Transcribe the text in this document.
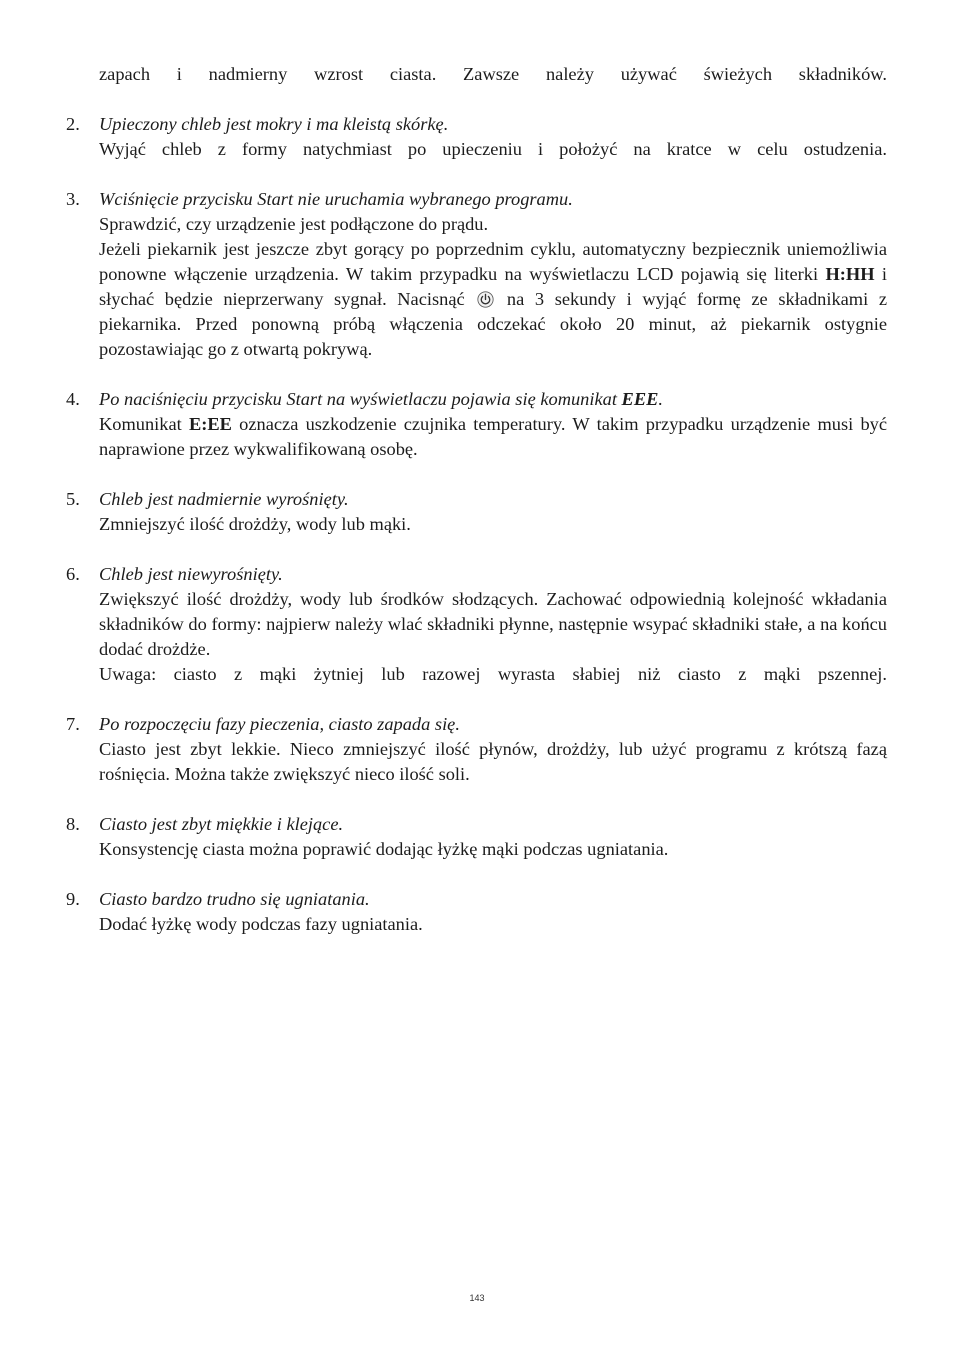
zapach i nadmierny wzrost ciasta. Zawsze należy używać świeżych składników.

2.	Upieczony chleb jest mokry i ma kleistą skórkę.

Wyjąć chleb z formy natychmiast po upieczeniu i położyć na kratce w celu ostudzenia.

3.	Wciśnięcie przycisku Start nie uruchamia wybranego programu.

Sprawdzić, czy urządzenie jest podłączone do prądu.

Jeżeli piekarnik jest jeszcze zbyt gorący po poprzednim cyklu, automatyczny bezpiecznik uniemożliwia ponowne włączenie urządzenia. W takim przypadku na wyświetlaczu LCD pojawią się literki H:HH i słychać będzie nieprzerwany sygnał. Nacisnąć  na 3 sekundy i wyjąć formę ze składnikami z piekarnika. Przed ponowną próbą włączenia odczekać około 20 minut, aż piekarnik ostygnie pozostawiając go z otwartą pokrywą.

4.	Po naciśnięciu przycisku Start na wyświetlaczu pojawia się komunikat EEE.

Komunikat E:EE oznacza uszkodzenie czujnika temperatury. W takim przypadku urządzenie musi być naprawione przez wykwalifikowaną osobę.

5.	Chleb jest nadmiernie wyrośnięty.

Zmniejszyć ilość drożdży, wody lub mąki.

6.	Chleb jest niewyrośnięty.

Zwiększyć ilość drożdży, wody lub środków słodzących. Zachować odpowiednią kolejność wkładania składników do formy: najpierw należy wlać składniki płynne, następnie wsypać składniki stałe, a na końcu dodać drożdże.

Uwaga: ciasto z mąki żytniej lub razowej wyrasta słabiej niż ciasto z mąki pszennej.

7.	Po rozpoczęciu fazy pieczenia, ciasto zapada się.

Ciasto jest zbyt lekkie. Nieco zmniejszyć ilość płynów, drożdży, lub użyć programu z krótszą fazą rośnięcia. Można także zwiększyć nieco ilość soli.

8.	Ciasto jest zbyt miękkie i klejące.

Konsystencję ciasta można poprawić dodając łyżkę mąki podczas ugniatania.

9.	Ciasto bardzo trudno się ugniatania.

Dodać łyżkę wody podczas fazy ugniatania.

143
